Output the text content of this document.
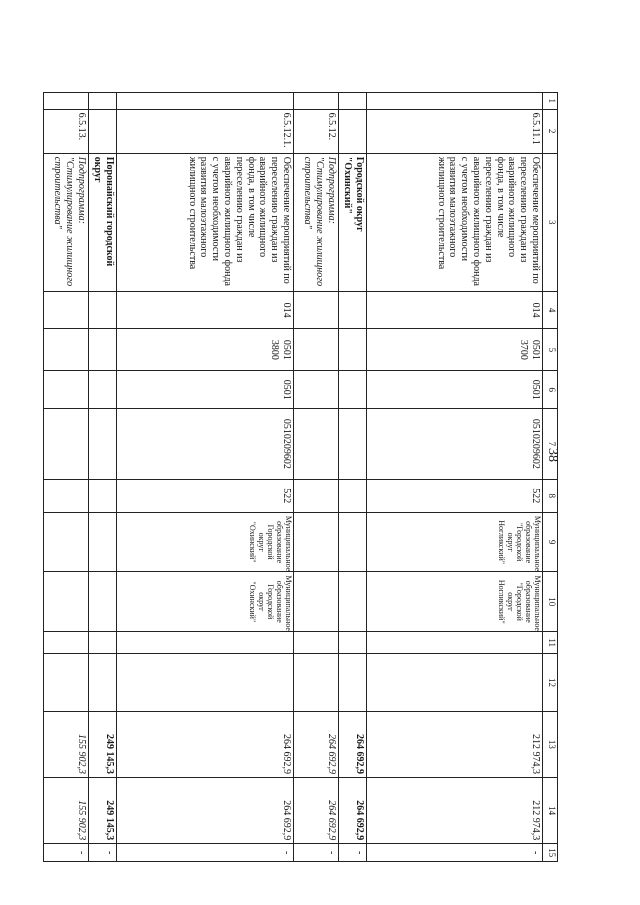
38
1	2	3	4	5	6	7	8	9	10	11	12	13	14	15
	6.5.11.1	Обеспечение мероприятий по переселению граждан из аварийного жилищного фонда, в том числе переселению граждан из аварийного жилищного фонда с учетом необходимости развития малоэтажного жилищного строительства	014	0501 3700	0501	0510209602	522	Муниципальное образование "Городской округ Ногликский"	Муниципальное образование "Городской округ Ногликский"			212 974,3	212 974,3	-
		Городской округ "Охинский"										264 692,9	264 692,9	-
	6.5.12.	Подпрограмма: "Стимулирование жилищного строительства"										264 692,9	264 692,9	-
	6.5.12.1.	Обеспечение мероприятий по переселению граждан из аварийного жилищного фонда, в том числе переселению граждан из аварийного жилищного фонда с учетом необходимости развития малоэтажного жилищного строительства	014	0501 3800	0501	0510209602	522	Муниципальное образование Городской округ "Охинский"	Муниципальное образование Городской округ "Охинский"			264 692,9	264 692,9	-
		Поронайский городской округ										249 145,3	249 145,3	-
	6.5.13.	Подпрограмма: "Стимулирование жилищного строительства"										155 902,3	155 902,3	-
